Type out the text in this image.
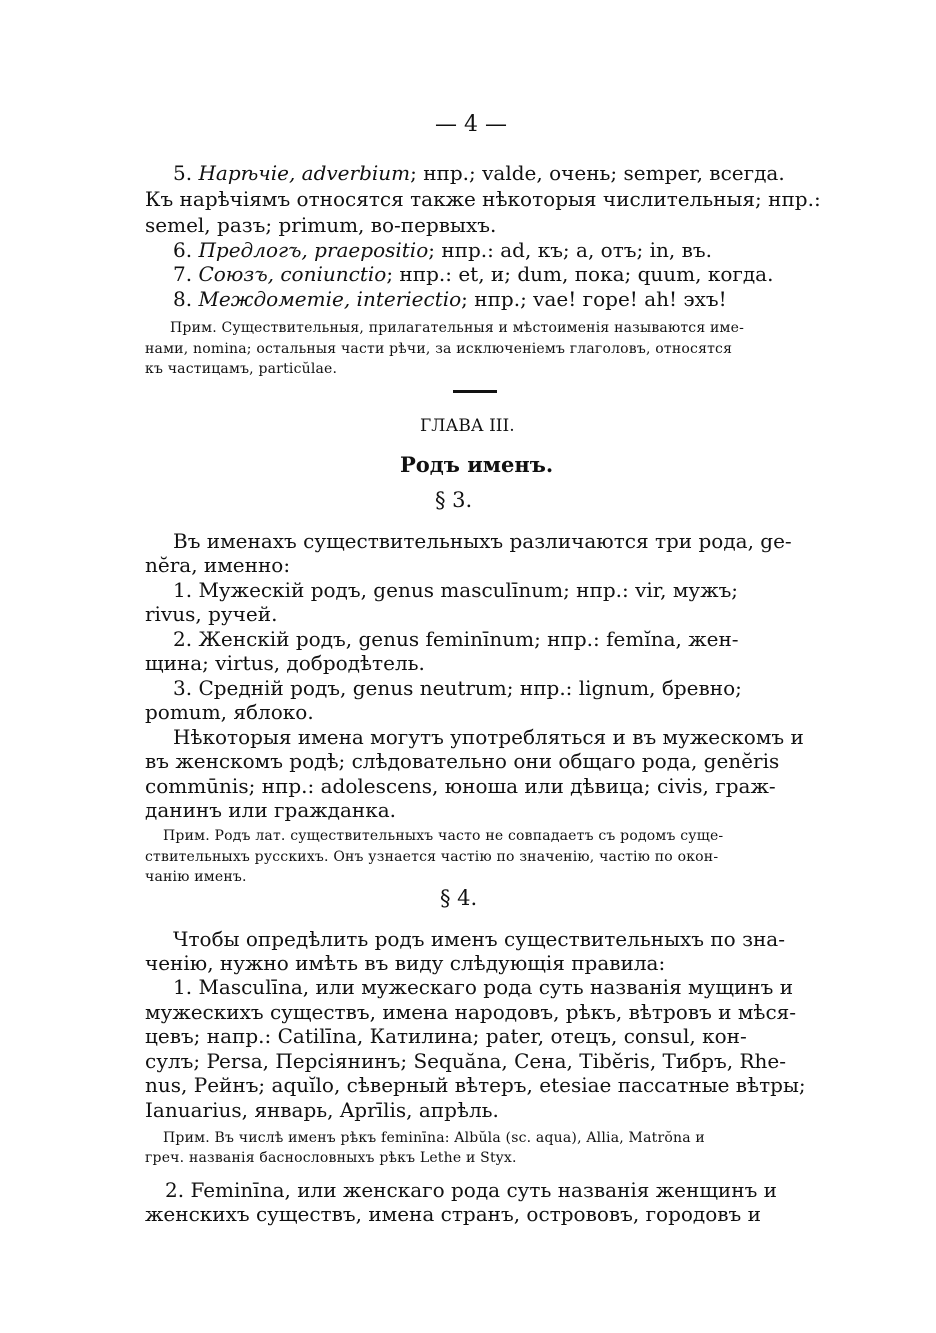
— 4 —
5. Нарѣчіе, adverbium; нпр.; valde, очень; semper, всегда.
Къ нарѣчіямъ относятся также нѣкоторыя числительныя; нпр.:
semel, разъ; primum, во-первыхъ.
6. Предлогъ, praepositio; нпр.: ad, къ; a, отъ; in, въ.
7. Союзъ, coniunctio; нпр.: et, и; dum, пока; quum, когда.
8. Междометіе, interiectio; нпр.; vae! горе! ah! эхъ!
Прим. Существительныя, прилагательныя и мѣстоименія называются име-
нами, nomina; остальныя части рѣчи, за исключеніемъ глаголовъ, относятся
къ частицамъ, particŭlae.
ГЛАВА III.
Родъ именъ.
§ 3.
Въ именахъ существительныхъ различаются три рода, ge-
nĕra, именно:
1. Мужескій родъ, genus masculīnum; нпр.: vir, мужъ;
rivus, ручей.
2. Женскій родъ, genus feminīnum; нпр.: femĭna, жен-
щина; virtus, добродѣтель.
3. Средній родъ, genus neutrum; нпр.: lignum, бревно;
pomum, яблоко.
Нѣкоторыя имена могутъ употребляться и въ мужескомъ и
въ женскомъ родѣ; слѣдовательно они общаго рода, genĕris
commūnis; нпр.: adolescens, юноша или дѣвица; civis, граж-
данинъ или гражданка.
Прим. Родъ лат. существительныхъ часто не совпадаетъ съ родомъ суще-
ствительныхъ русскихъ. Онъ узнается частію по значенію, частію по окон-
чанію именъ.
§ 4.
Чтобы опредѣлить родъ именъ существительныхъ по зна-
ченію, нужно имѣть въ виду слѣдующія правила:
1. Masculīna, или мужескаго рода суть названія мущинъ и
мужескихъ существъ, имена народовъ, рѣкъ, вѣтровъ и мѣся-
цевъ; напр.: Catilīna, Катилина; pater, отецъ, consul, кон-
сулъ; Persa, Персіянинъ; Sequăna, Сена, Tibĕris, Тибръ, Rhe-
nus, Рейнъ; aquĭlo, сѣверный вѣтеръ, etesiae пассатные вѣтры;
Ianuarius, январь, Aprīlis, апрѣль.
Прим. Въ числѣ именъ рѣкъ feminīna: Albŭla (sc. aqua), Allia, Matrŏna и
греч. названія баснословныхъ рѣкъ Lethe и Styx.
2. Feminīna, или женскаго рода суть названія женщинъ и
женскихъ существъ, имена странъ, острововъ, городовъ и
